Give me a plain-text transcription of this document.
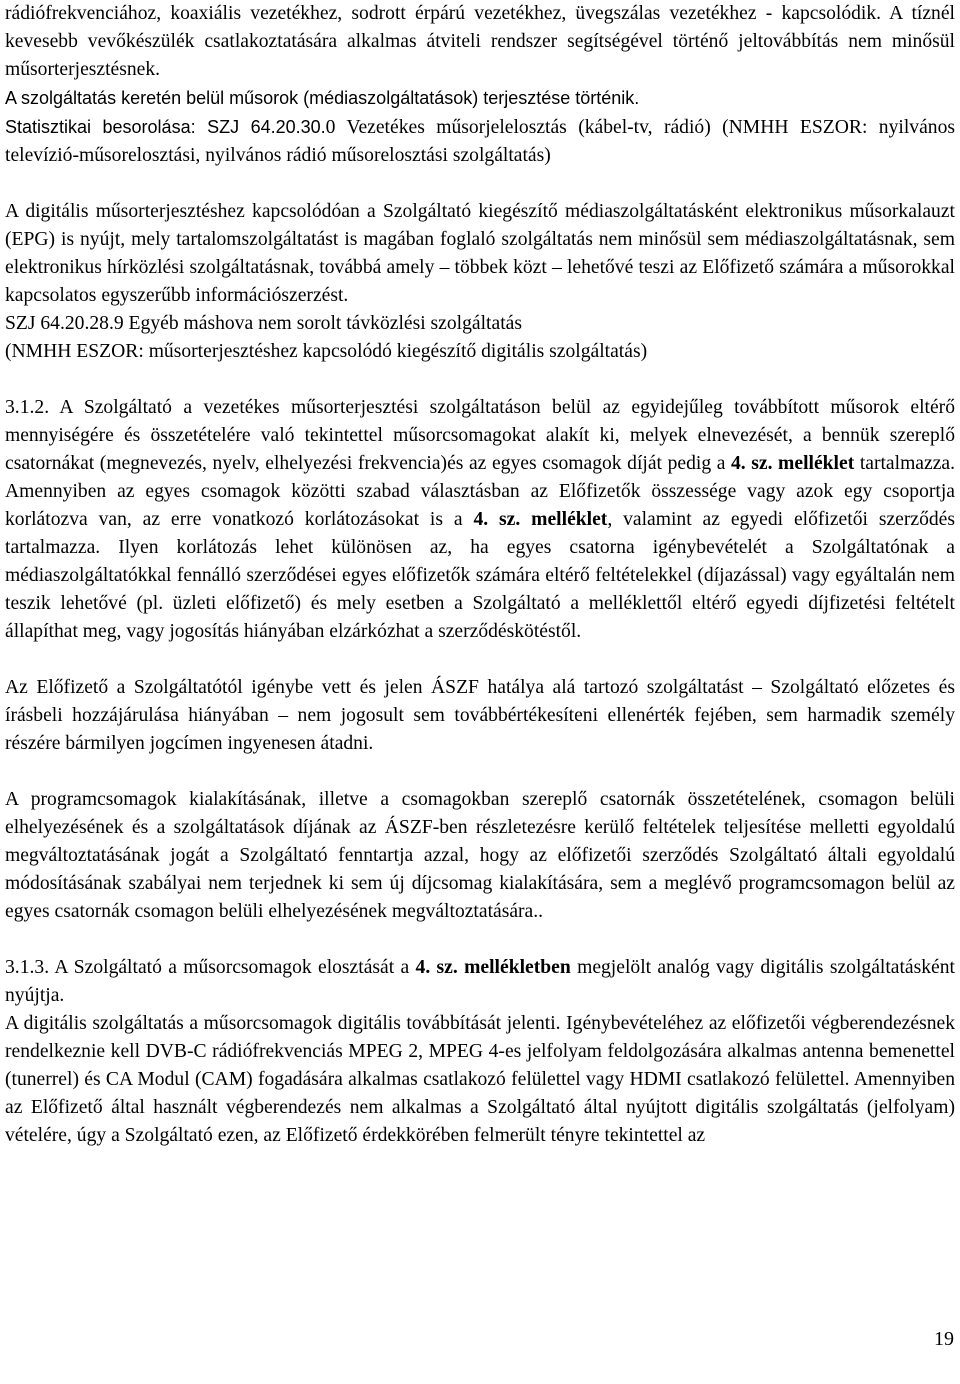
rádiófrekvenciához, koaxiális vezetékhez, sodrott érpárú vezetékhez, üvegszálas vezetékhez - kapcsolódik. A tíznél kevesebb vevőkészülék csatlakoztatására alkalmas átviteli rendszer segítségével történő jeltovábbítás nem minősül műsorterjesztésnek.
A szolgáltatás keretén belül műsorok (médiaszolgáltatások) terjesztése történik.
Statisztikai besorolása: SZJ 64.20.30.0 Vezetékes műsorjelelosztás (kábel-tv, rádió) (NMHH ESZOR: nyilvános televízió-műsorelosztási, nyilvános rádió műsorelosztási szolgáltatás)

A digitális műsorterjesztéshez kapcsolódóan a Szolgáltató kiegészítő médiaszolgáltatásként elektronikus műsorkalauzt (EPG) is nyújt, mely tartalomszolgáltatást is magában foglaló szolgáltatás nem minősül sem médiaszolgáltatásnak, sem elektronikus hírközlési szolgáltatásnak, továbbá amely – többek közt – lehetővé teszi az Előfizető számára a műsorokkal kapcsolatos egyszerűbb információszerzést.
SZJ 64.20.28.9 Egyéb máshova nem sorolt távközlési szolgáltatás
(NMHH ESZOR: műsorterjesztéshez kapcsolódó kiegészítő digitális szolgáltatás)

3.1.2. A Szolgáltató a vezetékes műsorterjesztési szolgáltatáson belül az egyidejűleg továbbított műsorok eltérő mennyiségére és összetételére való tekintettel műsorcsomagokat alakít ki, melyek elnevezését, a bennük szereplő csatornákat (megnevezés, nyelv, elhelyezési frekvencia)és az egyes csomagok díját pedig a 4. sz. melléklet tartalmazza. Amennyiben az egyes csomagok közötti szabad választásban az Előfizetők összessége vagy azok egy csoportja korlátozva van, az erre vonatkozó korlátozásokat is a 4. sz. melléklet, valamint az egyedi előfizetői szerződés tartalmazza. Ilyen korlátozás lehet különösen az, ha egyes csatorna igénybevételét a Szolgáltatónak a médiaszolgáltatókkal fennálló szerződései egyes előfizetők számára eltérő feltételekkel (díjazással) vagy egyáltalán nem teszik lehetővé (pl. üzleti előfizető) és mely esetben a Szolgáltató a melléklettől eltérő egyedi díjfizetési feltételt állapíthat meg, vagy jogosítás hiányában elzárkózhat a szerződéskötéstől.

Az Előfizető a Szolgáltatótól igénybe vett és jelen ÁSZF hatálya alá tartozó szolgáltatást – Szolgáltató előzetes és írásbeli hozzájárulása hiányában – nem jogosult sem továbbértékesíteni ellenérték fejében, sem harmadik személy részére bármilyen jogcímen ingyenesen átadni.

A programcsomagok kialakításának, illetve a csomagokban szereplő csatornák összetételének, csomagon belüli elhelyezésének és a szolgáltatások díjának az ÁSZF-ben részletezésre kerülő feltételek teljesítése melletti egyoldalú megváltoztatásának jogát a Szolgáltató fenntartja azzal, hogy az előfizetői szerződés Szolgáltató általi egyoldalú módosításának szabályai nem terjednek ki sem új díjcsomag kialakítására, sem a meglévő programcsomagon belül az egyes csatornák csomagon belüli elhelyezésének megváltoztatására..

3.1.3. A Szolgáltató a műsorcsomagok elosztását a 4. sz. mellékletben megjelölt analóg vagy digitális szolgáltatásként nyújtja.
A digitális szolgáltatás a műsorcsomagok digitális továbbítását jelenti. Igénybevételéhez az előfizetői végberendezésnek rendelkeznie kell DVB-C rádiófrekvenciás MPEG 2, MPEG 4-es jelfolyam feldolgozására alkalmas antenna bemenettel (tunerrel) és CA Modul (CAM) fogadására alkalmas csatlakozó felülettel vagy HDMI csatlakozó felülettel. Amennyiben az Előfizető által használt végberendezés nem alkalmas a Szolgáltató által nyújtott digitális szolgáltatás (jelfolyam) vételére, úgy a Szolgáltató ezen, az Előfizető érdekkörében felmerült tényre tekintettel az

19
